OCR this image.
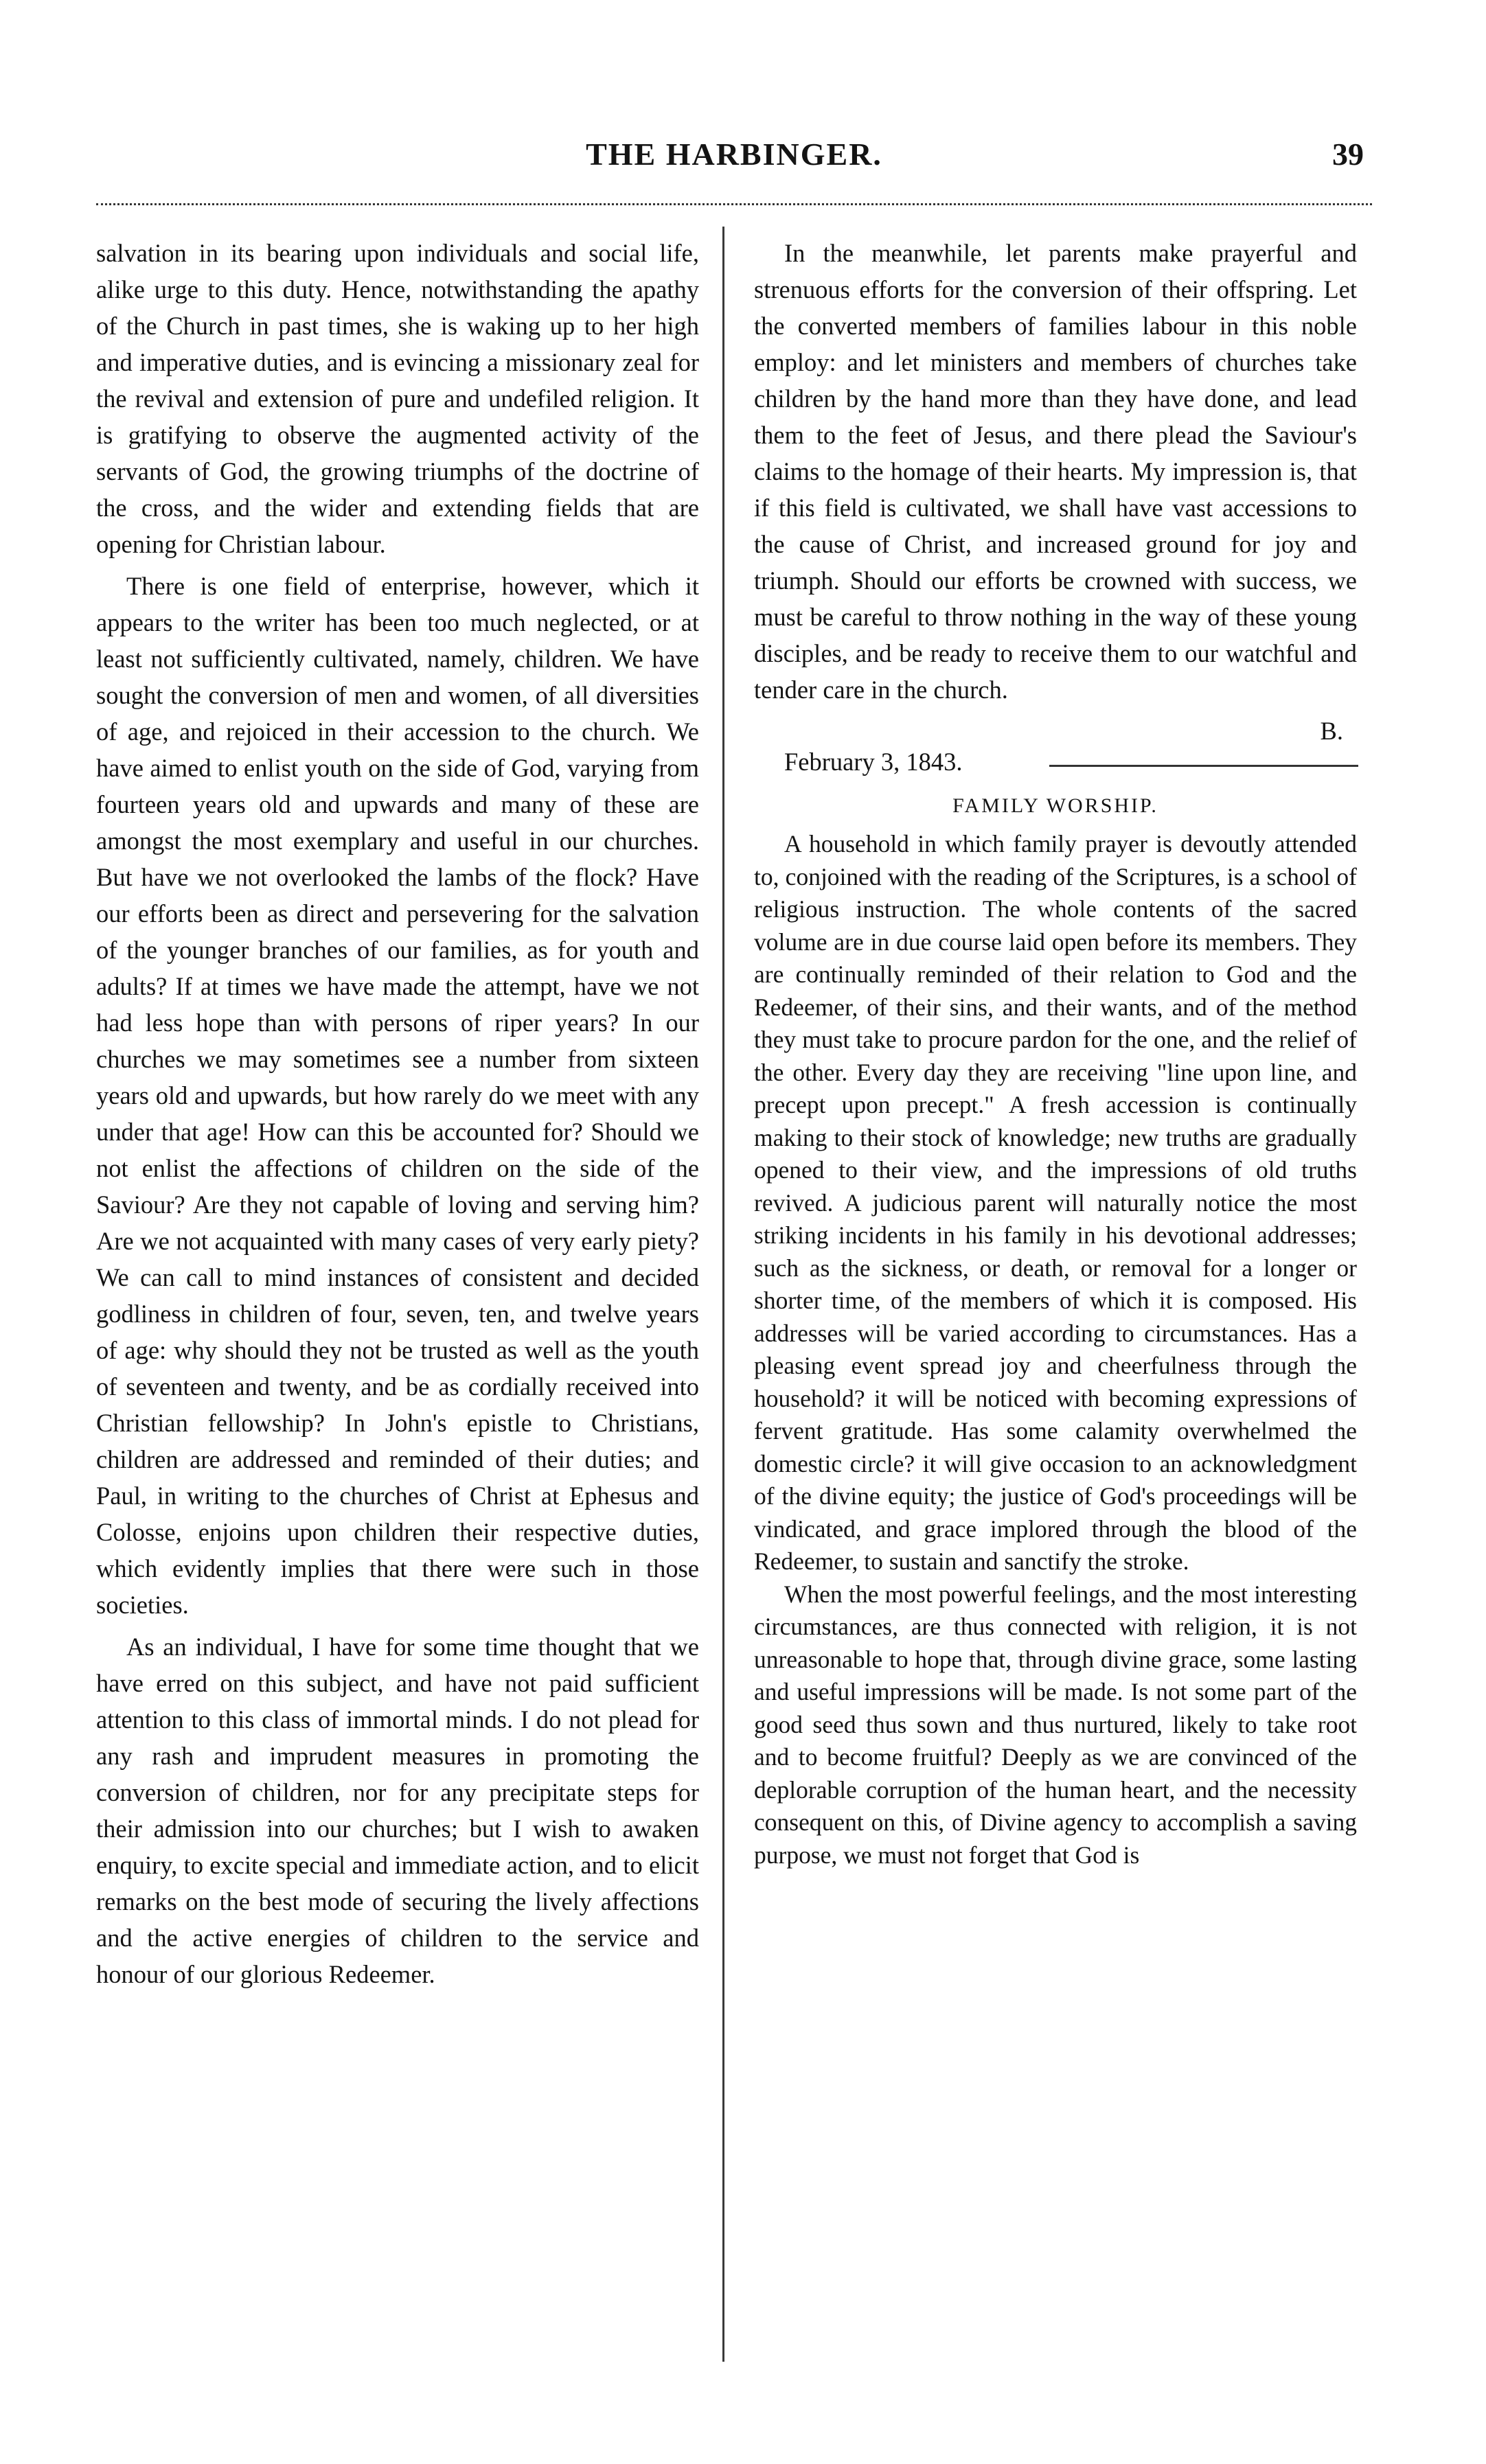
THE HARBINGER.	39

salvation in its bearing upon individuals and social life, alike urge to this duty. Hence, notwithstanding the apathy of the Church in past times, she is waking up to her high and imperative duties, and is evincing a missionary zeal for the revival and extension of pure and undefiled religion. It is gratifying to observe the augmented activity of the servants of God, the growing triumphs of the doctrine of the cross, and the wider and extending fields that are opening for Christian labour.

There is one field of enterprise, however, which it appears to the writer has been too much neglected, or at least not sufficiently cultivated, namely, children. We have sought the conversion of men and women, of all diversities of age, and rejoiced in their accession to the church. We have aimed to enlist youth on the side of God, varying from fourteen years old and upwards and many of these are amongst the most exemplary and useful in our churches. But have we not overlooked the lambs of the flock? Have our efforts been as direct and persevering for the salvation of the younger branches of our families, as for youth and adults? If at times we have made the attempt, have we not had less hope than with persons of riper years? In our churches we may sometimes see a number from sixteen years old and upwards, but how rarely do we meet with any under that age! How can this be accounted for? Should we not enlist the affections of children on the side of the Saviour? Are they not capable of loving and serving him? Are we not acquainted with many cases of very early piety? We can call to mind instances of consistent and decided godliness in children of four, seven, ten, and twelve years of age: why should they not be trusted as well as the youth of seventeen and twenty, and be as cordially received into Christian fellowship? In John's epistle to Christians, children are addressed and reminded of their duties; and Paul, in writing to the churches of Christ at Ephesus and Colosse, enjoins upon children their respective duties, which evidently implies that there were such in those societies.

As an individual, I have for some time thought that we have erred on this subject, and have not paid sufficient attention to this class of immortal minds. I do not plead for any rash and imprudent measures in promoting the conversion of children, nor for any precipitate steps for their admission into our churches; but I wish to awaken enquiry, to excite special and immediate action, and to elicit remarks on the best mode of securing the lively affections and the active energies of children to the service and honour of our glorious Redeemer.

In the meanwhile, let parents make prayerful and strenuous efforts for the conversion of their offspring. Let the converted members of families labour in this noble employ: and let ministers and members of churches take children by the hand more than they have done, and lead them to the feet of Jesus, and there plead the Saviour's claims to the homage of their hearts. My impression is, that if this field is cultivated, we shall have vast accessions to the cause of Christ, and increased ground for joy and triumph. Should our efforts be crowned with success, we must be careful to throw nothing in the way of these young disciples, and be ready to receive them to our watchful and tender care in the church.

B.

February 3, 1843.

FAMILY WORSHIP.

A household in which family prayer is devoutly attended to, conjoined with the reading of the Scriptures, is a school of religious instruction. The whole contents of the sacred volume are in due course laid open before its members. They are continually reminded of their relation to God and the Redeemer, of their sins, and their wants, and of the method they must take to procure pardon for the one, and the relief of the other. Every day they are receiving "line upon line, and precept upon precept." A fresh accession is continually making to their stock of knowledge; new truths are gradually opened to their view, and the impressions of old truths revived. A judicious parent will naturally notice the most striking incidents in his family in his devotional addresses; such as the sickness, or death, or removal for a longer or shorter time, of the members of which it is composed. His addresses will be varied according to circumstances. Has a pleasing event spread joy and cheerfulness through the household? it will be noticed with becoming expressions of fervent gratitude. Has some calamity overwhelmed the domestic circle? it will give occasion to an acknowledgment of the divine equity; the justice of God's proceedings will be vindicated, and grace implored through the blood of the Redeemer, to sustain and sanctify the stroke.

When the most powerful feelings, and the most interesting circumstances, are thus connected with religion, it is not unreasonable to hope that, through divine grace, some lasting and useful impressions will be made. Is not some part of the good seed thus sown and thus nurtured, likely to take root and to become fruitful? Deeply as we are convinced of the deplorable corruption of the human heart, and the necessity consequent on this, of Divine agency to accomplish a saving purpose, we must not forget that God is
